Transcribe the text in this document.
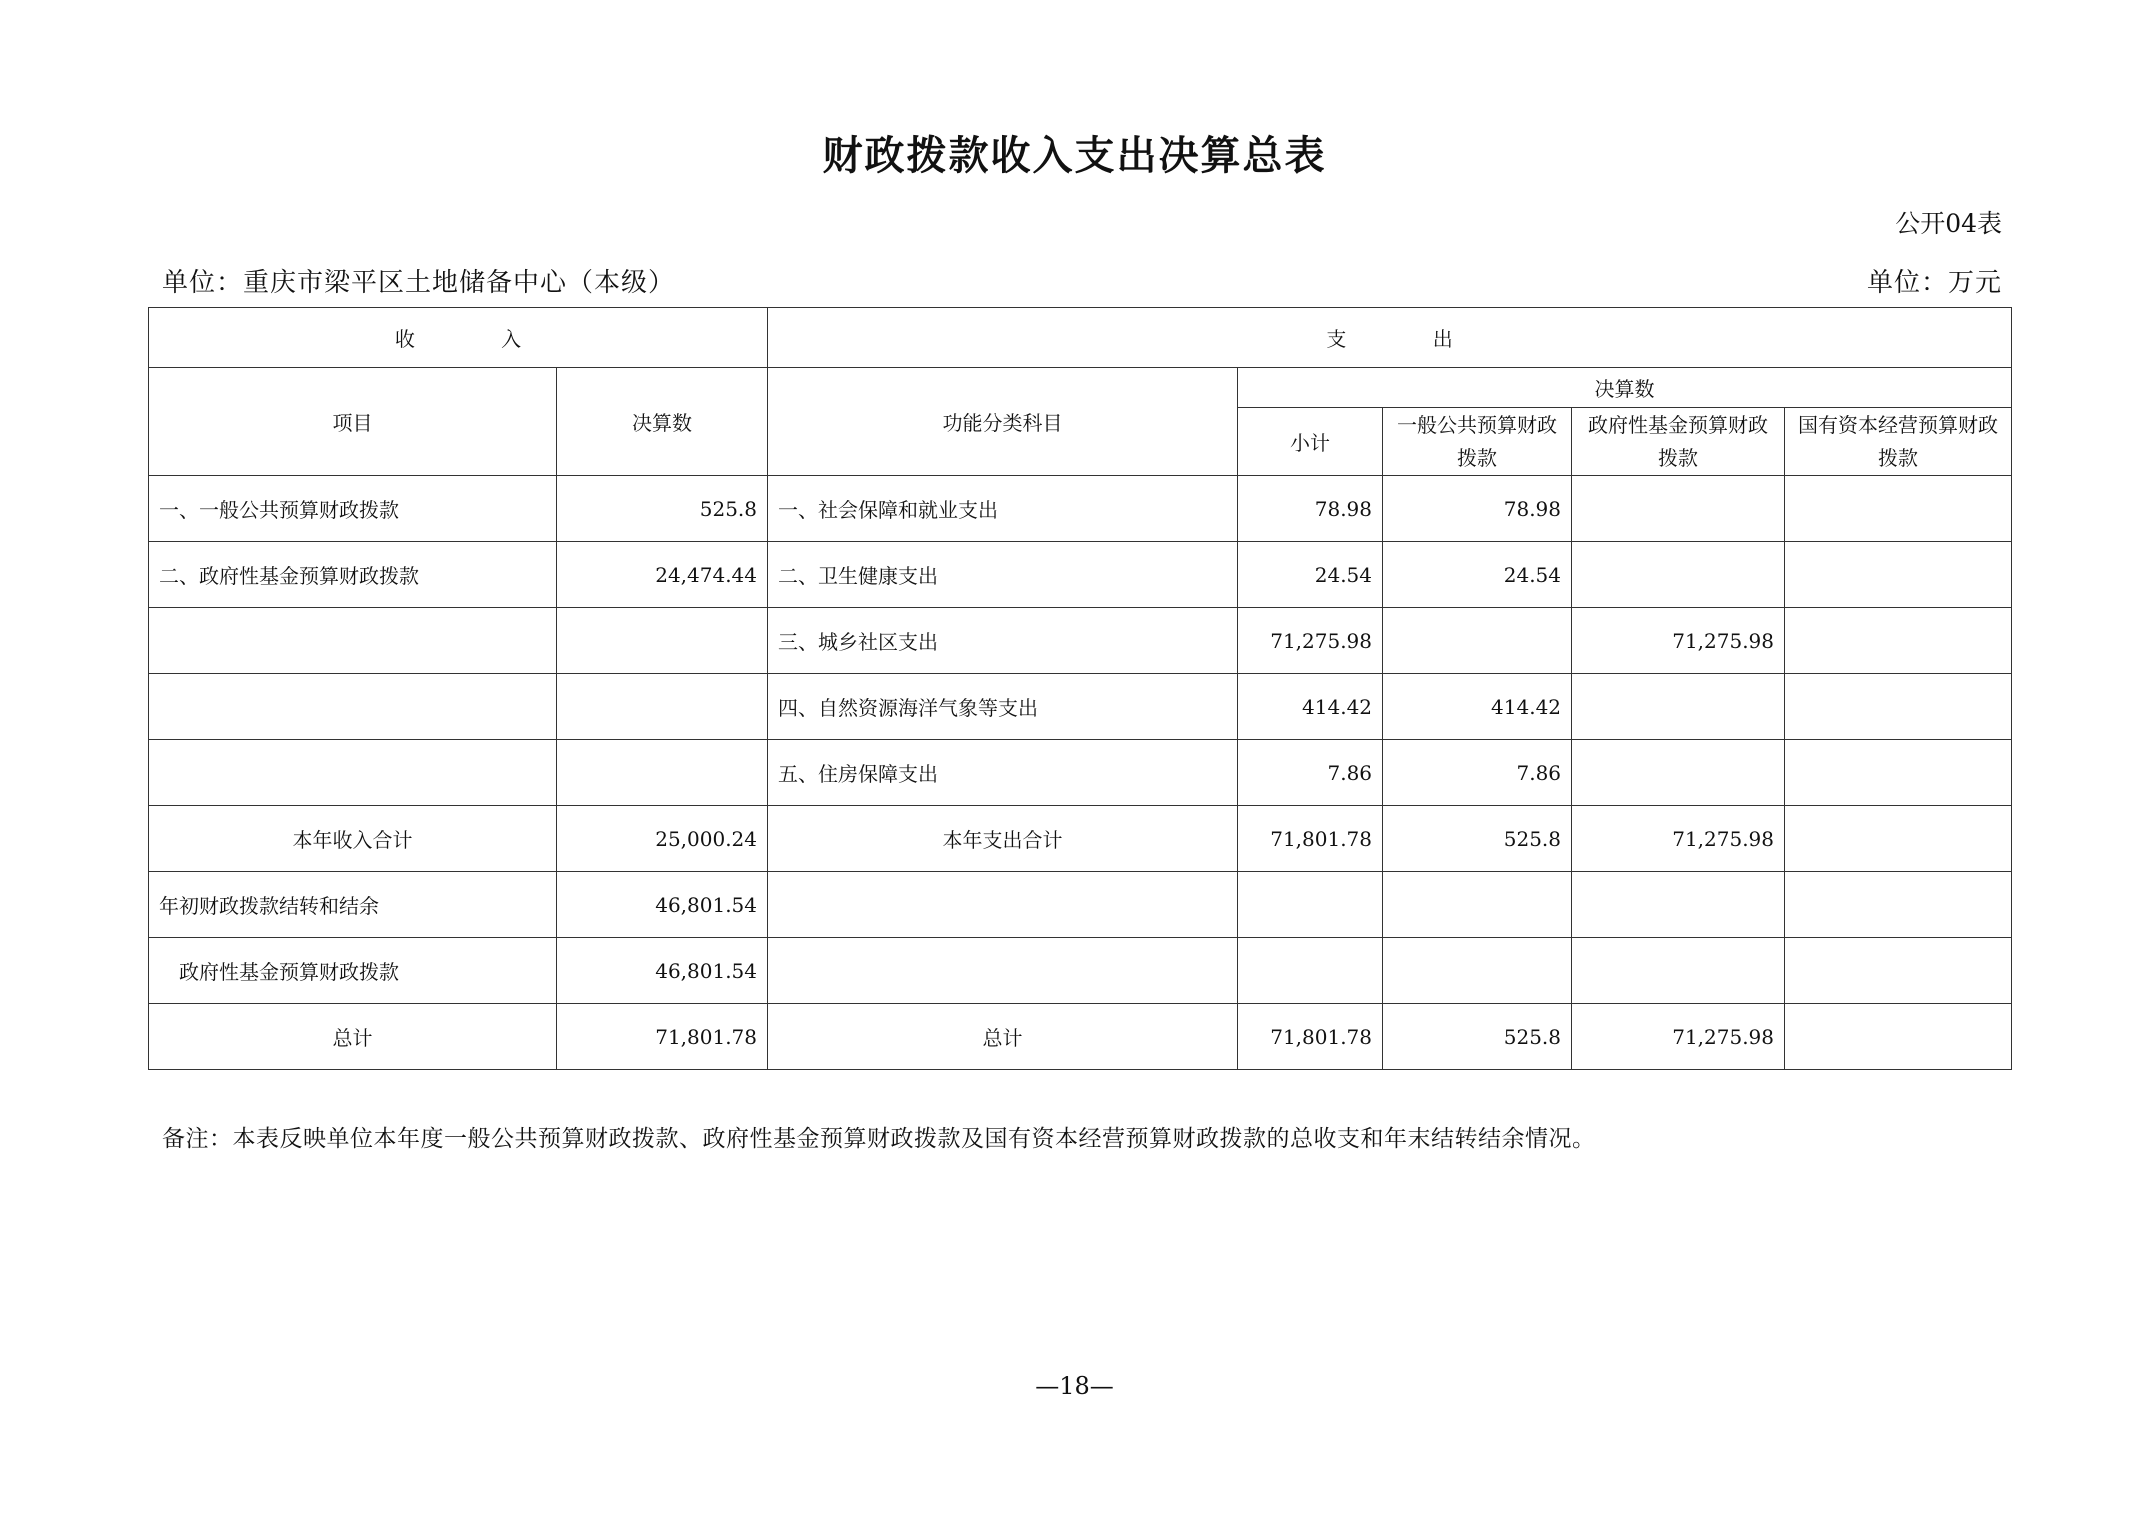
财政拨款收入支出决算总表
公开04表
单位：重庆市梁平区土地储备中心（本级）	单位：万元
收 入		支 出				
项目	决算数	功能分类科目	决算数			
			小计	一般公共预算财政拨款	政府性基金预算财政拨款	国有资本经营预算财政拨款
一、一般公共预算财政拨款	525.8	一、社会保障和就业支出	78.98	78.98		
二、政府性基金预算财政拨款	24,474.44	二、卫生健康支出	24.54	24.54		
		三、城乡社区支出	71,275.98		71,275.98	
		四、自然资源海洋气象等支出	414.42	414.42		
		五、住房保障支出	7.86	7.86		
本年收入合计	25,000.24	本年支出合计	71,801.78	525.8	71,275.98	
年初财政拨款结转和结余	46,801.54					
政府性基金预算财政拨款	46,801.54					
总计	71,801.78	总计	71,801.78	525.8	71,275.98	
备注：本表反映单位本年度一般公共预算财政拨款、政府性基金预算财政拨款及国有资本经营预算财政拨款的总收支和年末结转结余情况。
—18—
